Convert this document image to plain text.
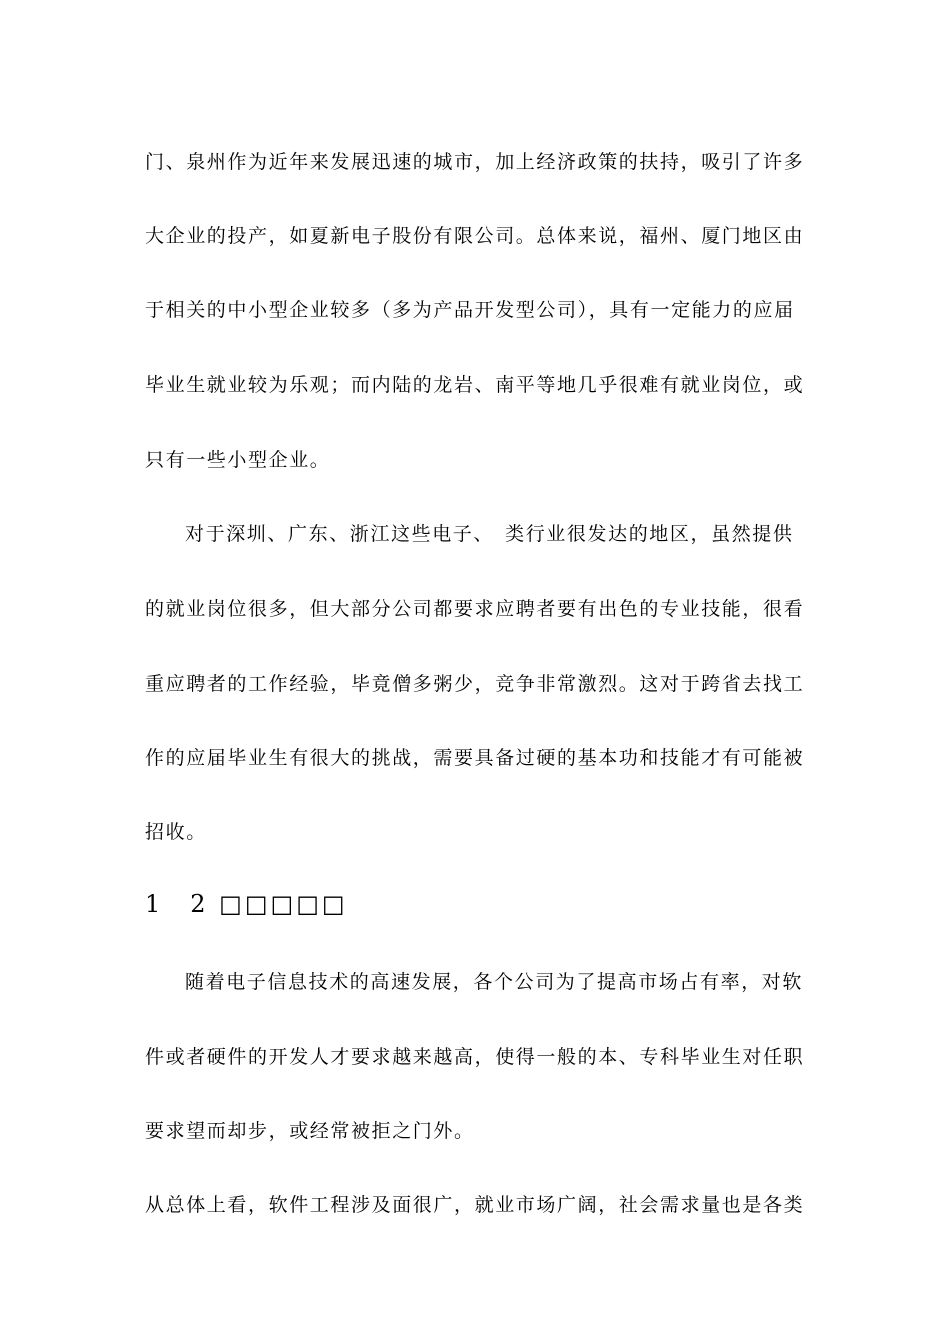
门、泉州作为近年来发展迅速的城市，加上经济政策的扶持，吸引了许多
大企业的投产，如夏新电子股份有限公司。总体来说，福州、厦门地区由
于相关的中小型企业较多（多为产品开发型公司），具有一定能力的应届
毕业生就业较为乐观；而内陆的龙岩、南平等地几乎很难有就业岗位，或
只有一些小型企业。
对于深圳、广东、浙江这些电子、　类行业很发达的地区，虽然提供
的就业岗位很多，但大部分公司都要求应聘者要有出色的专业技能，很看
重应聘者的工作经验，毕竟僧多粥少，竞争非常激烈。这对于跨省去找工
作的应届毕业生有很大的挑战，需要具备过硬的基本功和技能才有可能被
招收。
1　2 □□□□□
随着电子信息技术的高速发展，各个公司为了提高市场占有率，对软
件或者硬件的开发人才要求越来越高，使得一般的本、专科毕业生对任职
要求望而却步，或经常被拒之门外。
从总体上看，软件工程涉及面很广，就业市场广阔，社会需求量也是各类
